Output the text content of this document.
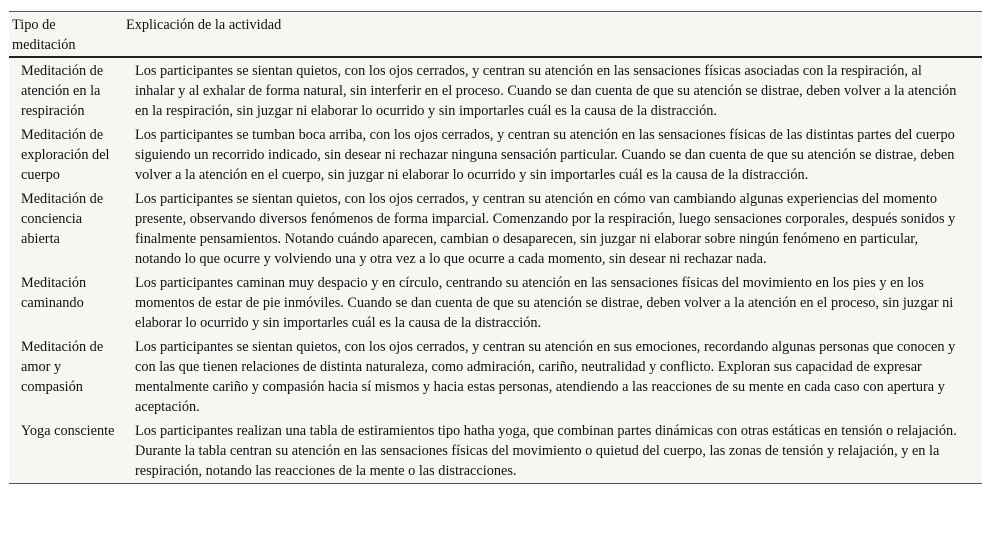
Tipo de meditación	Explicación de la actividad
Meditación de atención en la respiración	Los participantes se sientan quietos, con los ojos cerrados, y centran su atención en las sensaciones físicas asociadas con la respiración, al inhalar y al exhalar de forma natural, sin interferir en el proceso. Cuando se dan cuenta de que su atención se distrae, deben volver a la atención en la respiración, sin juzgar ni elaborar lo ocurrido y sin importarles cuál es la causa de la distracción.
Meditación de exploración del cuerpo	Los participantes se tumban boca arriba, con los ojos cerrados, y centran su atención en las sensaciones físicas de las distintas partes del cuerpo siguiendo un recorrido indicado, sin desear ni rechazar ninguna sensación particular. Cuando se dan cuenta de que su atención se distrae, deben volver a la atención en el cuerpo, sin juzgar ni elaborar lo ocurrido y sin importarles cuál es la causa de la distracción.
Meditación de conciencia abierta	Los participantes se sientan quietos, con los ojos cerrados, y centran su atención en cómo van cambiando algunas experiencias del momento presente, observando diversos fenómenos de forma imparcial. Comenzando por la respiración, luego sensaciones corporales, después sonidos y finalmente pensamientos. Notando cuándo aparecen, cambian o desaparecen, sin juzgar ni elaborar sobre ningún fenómeno en particular, notando lo que ocurre y volviendo una y otra vez a lo que ocurre a cada momento, sin desear ni rechazar nada.
Meditación caminando	Los participantes caminan muy despacio y en círculo, centrando su atención en las sensaciones físicas del movimiento en los pies y en los momentos de estar de pie inmóviles. Cuando se dan cuenta de que su atención se distrae, deben volver a la atención en el proceso, sin juzgar ni elaborar lo ocurrido y sin importarles cuál es la causa de la distracción.
Meditación de amor y compasión	Los participantes se sientan quietos, con los ojos cerrados, y centran su atención en sus emociones, recordando algunas personas que conocen y con las que tienen relaciones de distinta naturaleza, como admiración, cariño, neutralidad y conflicto. Exploran sus capacidad de expresar mentalmente cariño y compasión hacia sí mismos y hacia estas personas, atendiendo a las reacciones de su mente en cada caso con apertura y aceptación.
Yoga consciente	Los participantes realizan una tabla de estiramientos tipo hatha yoga, que combinan partes dinámicas con otras estáticas en tensión o relajación. Durante la tabla centran su atención en las sensaciones físicas del movimiento o quietud del cuerpo, las zonas de tensión y relajación, y en la respiración, notando las reacciones de la mente o las distracciones.
